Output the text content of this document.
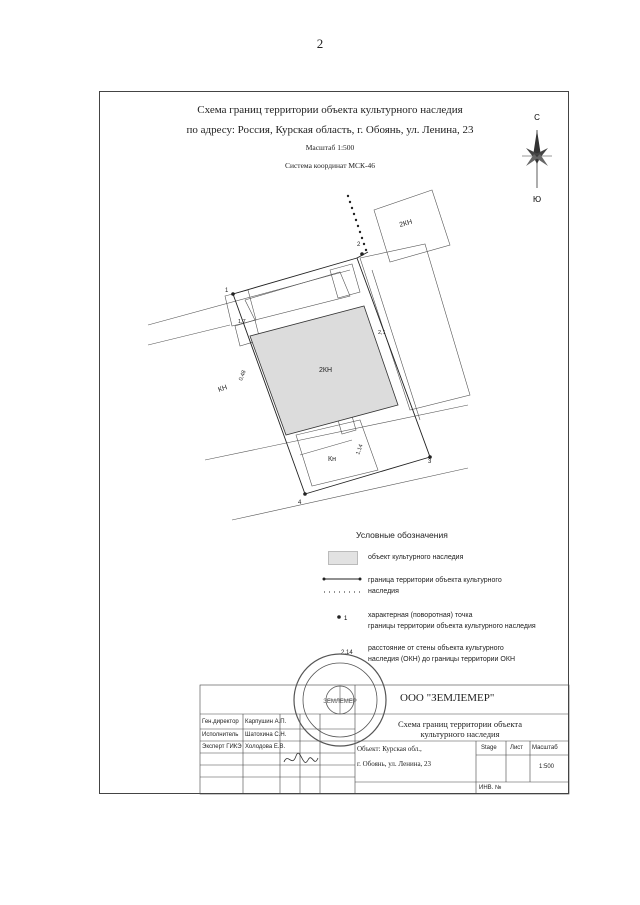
2
Схема границ территории объекта культурного наследия
по адресу: Россия, Курская область, г. Обоянь, ул. Ленина, 23
Масштаб 1:500
Система координат МСК-46
С
Ю
1
2
3
4
2КН
2КН
КН
Кн
0,48
1,14
2,1
1,7
Условные обозначения
объект культурного наследия
граница территории объекта культурного
наследия
1	характерная (поворотная) точка
границы территории объекта культурного наследия
2,14
расстояние от стены объекта культурного
наследия (ОКН) до границы территории ОКН
ЗЕМЛЕМЕР	ООО "ЗЕМЛЕМЕР"
Ген.директор Карпушин А.П.
Исполнитель Шатохина С.Н.
Эксперт ГИКЭ Холодова Е.В.
Схема границ территории объекта
культурного наследия
Объект: Курская обл.,
г. Обоянь, ул. Ленина, 23
Stage Лист Масштаб
1:500
ИНВ. №
